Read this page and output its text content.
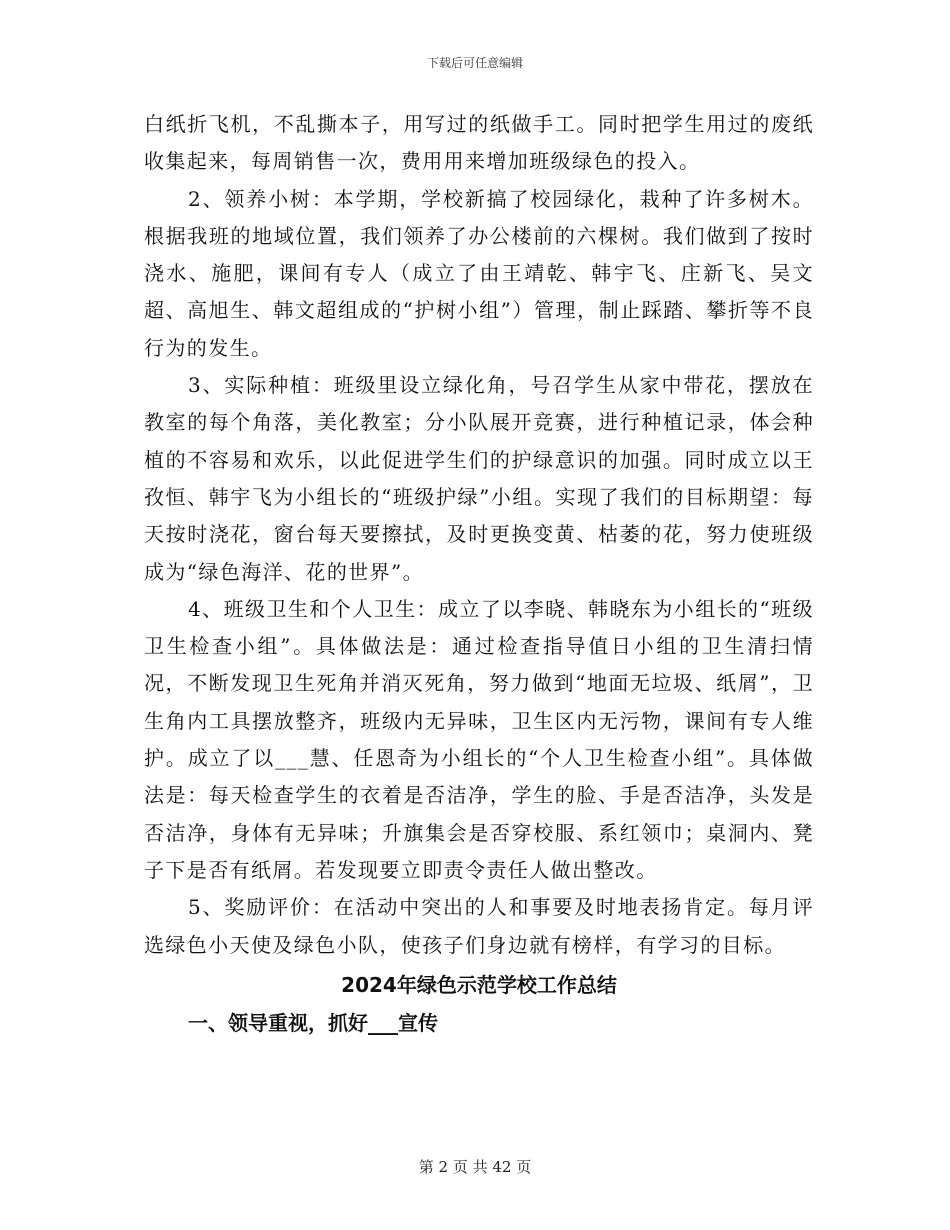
下载后可任意编辑

白纸折飞机，不乱撕本子，用写过的纸做手工。同时把学生用过的废纸收集起来，每周销售一次，费用用来增加班级绿色的投入。

2、领养小树：本学期，学校新搞了校园绿化，栽种了许多树木。根据我班的地域位置，我们领养了办公楼前的六棵树。我们做到了按时浇水、施肥，课间有专人（成立了由王靖乾、韩宇飞、庄新飞、吴文超、高旭生、韩文超组成的“护树小组”）管理，制止踩踏、攀折等不良行为的发生。

3、实际种植：班级里设立绿化角，号召学生从家中带花，摆放在教室的每个角落，美化教室；分小队展开竞赛，进行种植记录，体会种植的不容易和欢乐，以此促进学生们的护绿意识的加强。同时成立以王孜恒、韩宇飞为小组长的“班级护绿”小组。实现了我们的目标期望：每天按时浇花，窗台每天要擦拭，及时更换变黄、枯萎的花，努力使班级成为“绿色海洋、花的世界”。

4、班级卫生和个人卫生：成立了以李晓、韩晓东为小组长的“班级卫生检查小组”。具体做法是：通过检查指导值日小组的卫生清扫情况，不断发现卫生死角并消灭死角，努力做到“地面无垃圾、纸屑”，卫生角内工具摆放整齐，班级内无异味，卫生区内无污物，课间有专人维护。成立了以___慧、任恩奇为小组长的“个人卫生检查小组”。具体做法是：每天检查学生的衣着是否洁净，学生的脸、手是否洁净，头发是否洁净，身体有无异味；升旗集会是否穿校服、系红领巾；桌洞内、凳子下是否有纸屑。若发现要立即责令责任人做出整改。

5、奖励评价：在活动中突出的人和事要及时地表扬肯定。每月评选绿色小天使及绿色小队，使孩子们身边就有榜样，有学习的目标。

2024年绿色示范学校工作总结
一、领导重视，抓好___宣传
第 2 页 共 42 页
